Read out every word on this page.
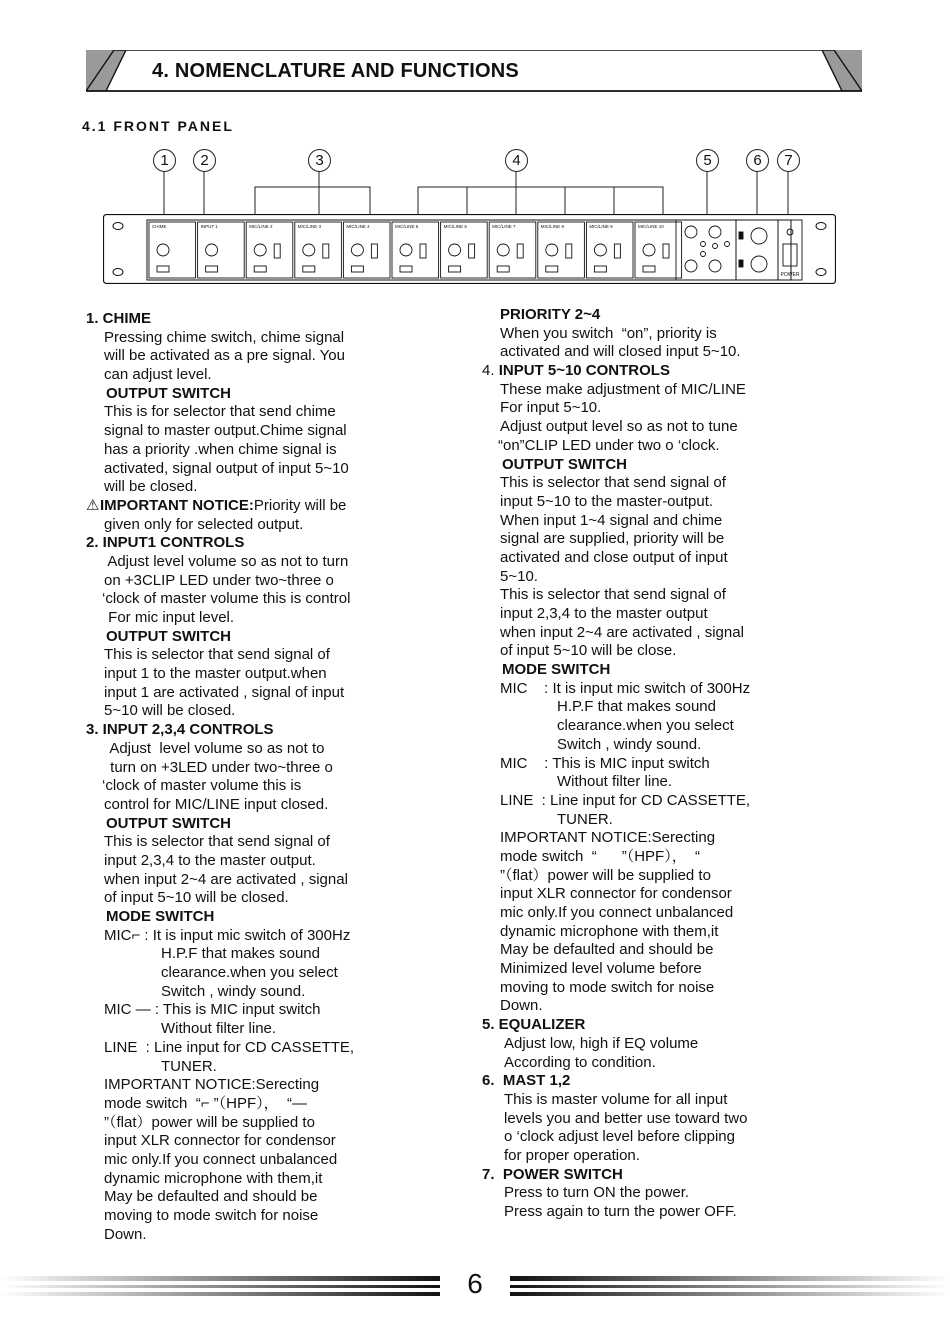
4. NOMENCLATURE AND FUNCTIONS
4.1 FRONT PANEL
1	2	3	4	5	6	7
POWER
CHIME	INPUT 1	MIC/LINE 2	MIC/LINE 3	MIC/LINE 4	MIC/LINE 5	MIC/LINE 6	MIC/LINE 7	MIC/LINE 8	MIC/LINE 9	MIC/LINE 10
1. CHIME
Pressing chime switch, chime signal
will be activated as a pre signal. You
can adjust level.
OUTPUT SWITCH
This is for selector that send chime
signal to master output.Chime signal
has a priority .when chime signal is
activated, signal output of input 5~10
will be closed.
⚠IMPORTANT NOTICE:Priority will be
given only for selected output.
2. INPUT1 CONTROLS
Adjust level volume so as not to turn
on +3CLIP LED under two~three o
‘clock of master volume this is control
For mic input level.
OUTPUT SWITCH
This is selector that send signal of
input 1 to the master output.when
input 1 are activated , signal of input
5~10 will be closed.
3. INPUT 2,3,4 CONTROLS
Adjust  level volume so as not to
turn on +3LED under two~three o
‘clock of master volume this is
control for MIC/LINE input closed.
OUTPUT SWITCH
This is selector that send signal of
input 2,3,4 to the master output.
when input 2~4 are activated , signal
of input 5~10 will be closed.
MODE SWITCH
MIC⌐ : It is input mic switch of 300Hz
H.P.F that makes sound
clearance.when you select
Switch , windy sound.
MIC — : This is MIC input switch
Without filter line.
LINE  : Line input for CD CASSETTE,
TUNER.
IMPORTANT NOTICE:Serecting
mode switch  “⌐ ”（HPF），  “—
”（flat）power will be supplied to
input XLR connector for condensor
mic only.If you connect unbalanced
dynamic microphone with them,it
May be defaulted and should be
moving to mode switch for noise
Down.
PRIORITY 2~4
When you switch  “on”, priority is
activated and will closed input 5~10.
4. INPUT 5~10 CONTROLS
These make adjustment of MIC/LINE
For input 5~10.
Adjust output level so as not to tune
“on”CLIP LED under two o ‘clock.
OUTPUT SWITCH
This is selector that send signal of
input 5~10 to the master-output.
When input 1~4 signal and chime
signal are supplied, priority will be
activated and close output of input
5~10.
This is selector that send signal of
input 2,3,4 to the master output
when input 2~4 are activated , signal
of input 5~10 will be close.
MODE SWITCH
MIC    : It is input mic switch of 300Hz
H.P.F that makes sound
clearance.when you select
Switch , windy sound.
MIC    : This is MIC input switch
Without filter line.
LINE  : Line input for CD CASSETTE,
TUNER.
IMPORTANT NOTICE:Serecting
mode switch  “      ”（HPF），  “
”（flat）power will be supplied to
input XLR connector for condensor
mic only.If you connect unbalanced
dynamic microphone with them,it
May be defaulted and should be
Minimized level volume before
moving to mode switch for noise
Down.
5. EQUALIZER
Adjust low, high if EQ volume
According to condition.
6.  MAST 1,2
This is master volume for all input
levels you and better use toward two
o ‘clock adjust level before clipping
for proper operation.
7.  POWER SWITCH
Press to turn ON the power.
Press again to turn the power OFF.
6
